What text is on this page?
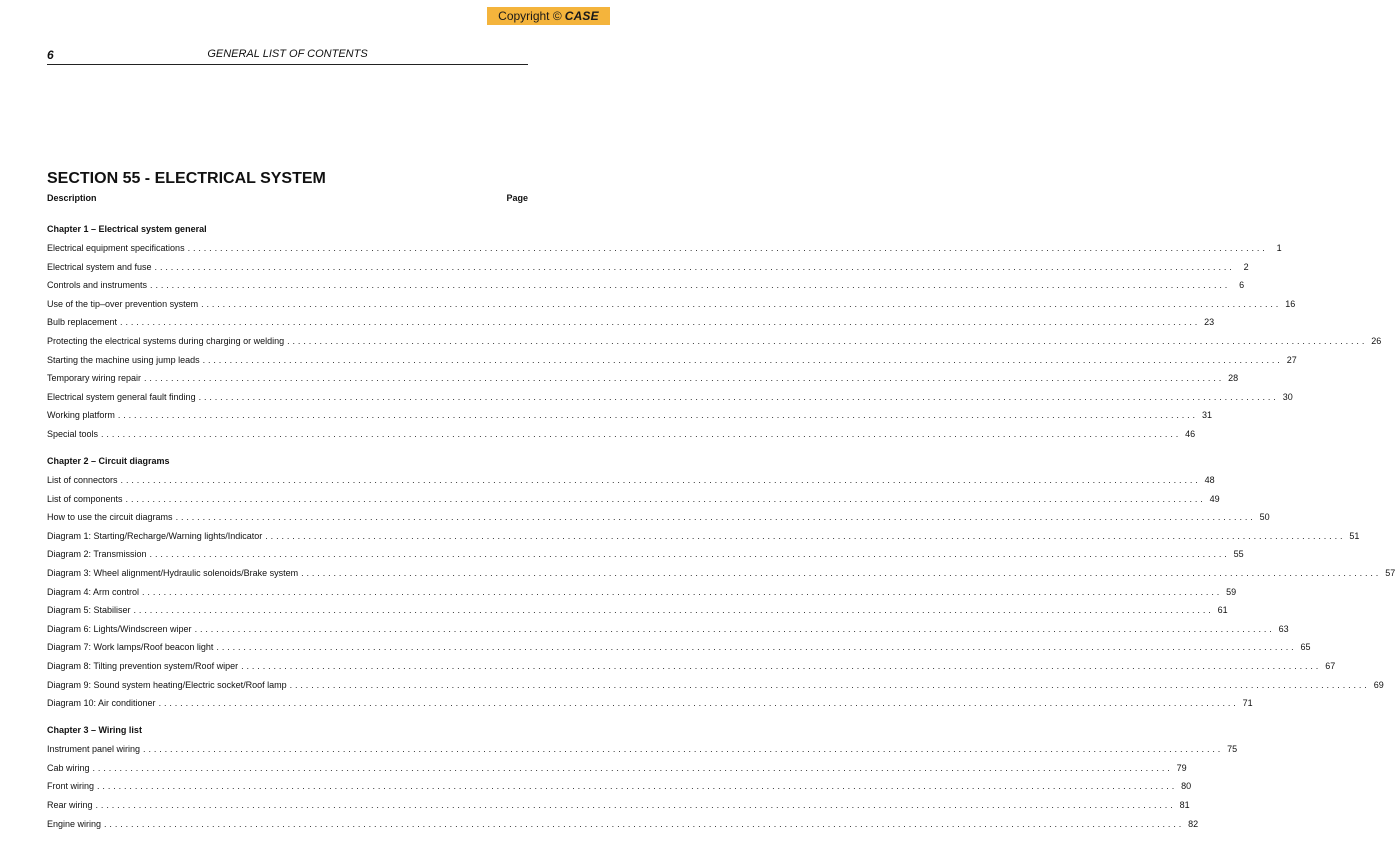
Copyright © CASE
6	GENERAL LIST OF CONTENTS
SECTION 55 - ELECTRICAL SYSTEM
Description	Page
Chapter 1 – Electrical system general
Electrical equipment specifications ........................................................................................................................................................................................................ 1
Electrical system and fuse ........................................................................................................................................................................................................ 2
Controls and instruments ........................................................................................................................................................................................................ 6
Use of the tip–over prevention system ........................................................................................................................................................................................................ 16
Bulb replacement ........................................................................................................................................................................................................ 23
Protecting the electrical systems during charging or welding ........................................................................................................................................................................................................ 26
Starting the machine using jump leads ........................................................................................................................................................................................................ 27
Temporary wiring repair ........................................................................................................................................................................................................ 28
Electrical system general fault finding ........................................................................................................................................................................................................ 30
Working platform ........................................................................................................................................................................................................ 31
Special tools ........................................................................................................................................................................................................ 46
Chapter 2 – Circuit diagrams
List of connectors ........................................................................................................................................................................................................ 48
List of components ........................................................................................................................................................................................................ 49
How to use the circuit diagrams ........................................................................................................................................................................................................ 50
Diagram 1: Starting/Recharge/Warning lights/Indicator ........................................................................................................................................................................................................ 51
Diagram 2: Transmission ........................................................................................................................................................................................................ 55
Diagram 3: Wheel alignment/Hydraulic solenoids/Brake system ........................................................................................................................................................................................................ 57
Diagram 4: Arm control ........................................................................................................................................................................................................ 59
Diagram 5: Stabiliser ........................................................................................................................................................................................................ 61
Diagram 6: Lights/Windscreen wiper ........................................................................................................................................................................................................ 63
Diagram 7: Work lamps/Roof beacon light ........................................................................................................................................................................................................ 65
Diagram 8: Tilting prevention system/Roof wiper ........................................................................................................................................................................................................ 67
Diagram 9: Sound system heating/Electric socket/Roof lamp ........................................................................................................................................................................................................ 69
Diagram 10: Air conditioner ........................................................................................................................................................................................................ 71
Chapter 3 – Wiring list
Instrument panel wiring ........................................................................................................................................................................................................ 75
Cab wiring ........................................................................................................................................................................................................ 79
Front wiring ........................................................................................................................................................................................................ 80
Rear wiring ........................................................................................................................................................................................................ 81
Engine wiring ........................................................................................................................................................................................................ 82
